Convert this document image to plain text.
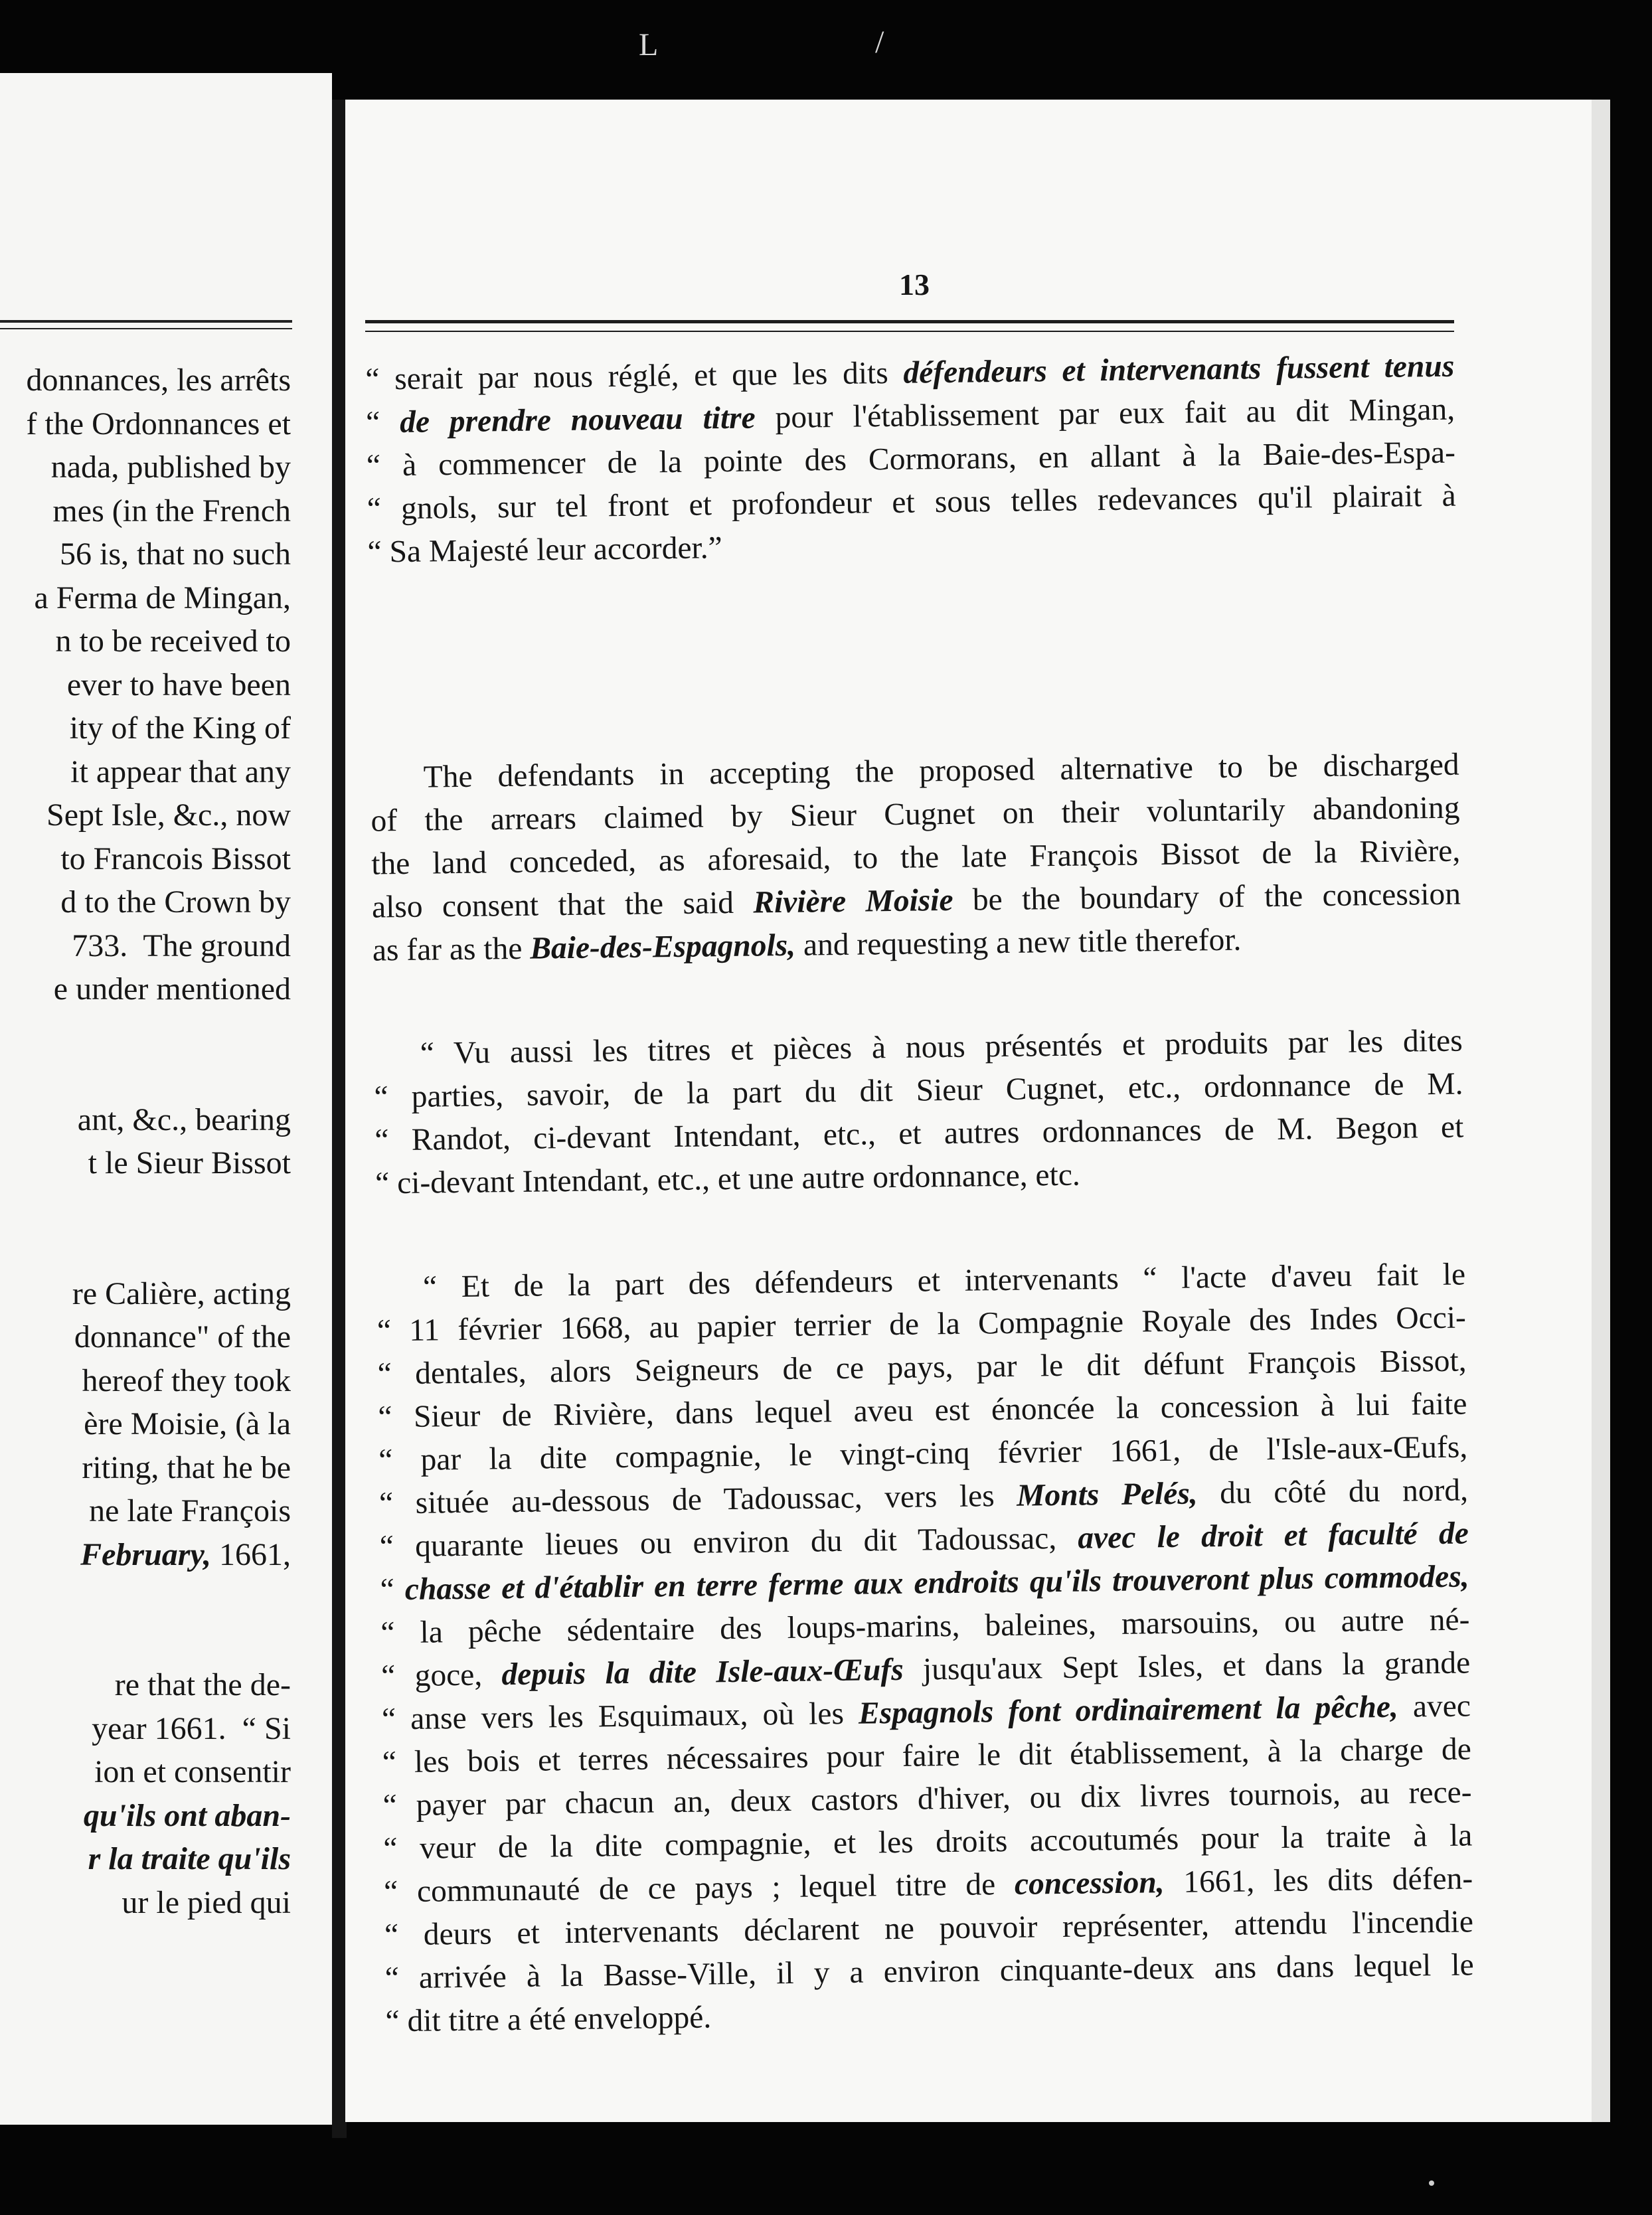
L	/
donnances, les arrêts
f the Ordonnances et
nada, published by
mes (in the French
56 is, that no such
a Ferma de Mingan,
n to be received to
ever to have been
ity of the King of
it appear that any
Sept Isle, &c., now
to Francois Bissot
d to the Crown by
733.  The ground
e under mentioned
ant, &c., bearing
t le Sieur Bissot
re Calière, acting
donnance" of the
hereof they took
ère Moisie, (à la
riting, that he be
ne late François
February, 1661,
re that the de-
year 1661.  “ Si
ion et consentir
qu'ils ont aban-
r la traite qu'ils
ur le pied qui
13
“ serait par nous réglé, et que les dits défendeurs et intervenants fussent tenus
“ de prendre nouveau titre pour l'établissement par eux fait au dit Mingan,
“ à commencer de la pointe des Cormorans, en allant à la Baie-des-Espa-
“ gnols, sur tel front et profondeur et sous telles redevances qu'il plairait à
“ Sa Majesté leur accorder.”
The defendants in accepting the proposed alternative to be discharged
of the arrears claimed by Sieur Cugnet on their voluntarily abandoning
the land conceded, as aforesaid, to the late François Bissot de la Rivière,
also consent that the said Rivière Moisie be the boundary of the concession
as far as the Baie-des-Espagnols, and requesting a new title therefor.
“ Vu aussi les titres et pièces à nous présentés et produits par les dites
“ parties, savoir, de la part du dit Sieur Cugnet, etc., ordonnance de M.
“ Randot, ci-devant Intendant, etc., et autres ordonnances de M. Begon et
“ ci-devant Intendant, etc., et une autre ordonnance, etc.
“ Et de la part des défendeurs et intervenants “ l'acte d'aveu fait le
“ 11 février 1668, au papier terrier de la Compagnie Royale des Indes Occi-
“ dentales, alors Seigneurs de ce pays, par le dit défunt François Bissot,
“ Sieur de Rivière, dans lequel aveu est énoncée la concession à lui faite
“ par la dite compagnie, le vingt-cinq février 1661, de l'Isle-aux-Œufs,
“ située au-dessous de Tadoussac, vers les Monts Pelés, du côté du nord,
“ quarante lieues ou environ du dit Tadoussac, avec le droit et faculté de
“ chasse et d'établir en terre ferme aux endroits qu'ils trouveront plus commodes,
“ la pêche sédentaire des loups-marins, baleines, marsouins, ou autre né-
“ goce, depuis la dite Isle-aux-Œufs jusqu'aux Sept Isles, et dans la grande
“ anse vers les Esquimaux, où les Espagnols font ordinairement la pêche, avec
“ les bois et terres nécessaires pour faire le dit établissement, à la charge de
“ payer par chacun an, deux castors d'hiver, ou dix livres tournois, au rece-
“ veur de la dite compagnie, et les droits accoutumés pour la traite à la
“ communauté de ce pays ; lequel titre de concession, 1661, les dits défen-
“ deurs et intervenants déclarent ne pouvoir représenter, attendu l'incendie
“ arrivée à la Basse-Ville, il y a environ cinquante-deux ans dans lequel le
“ dit titre a été enveloppé.
